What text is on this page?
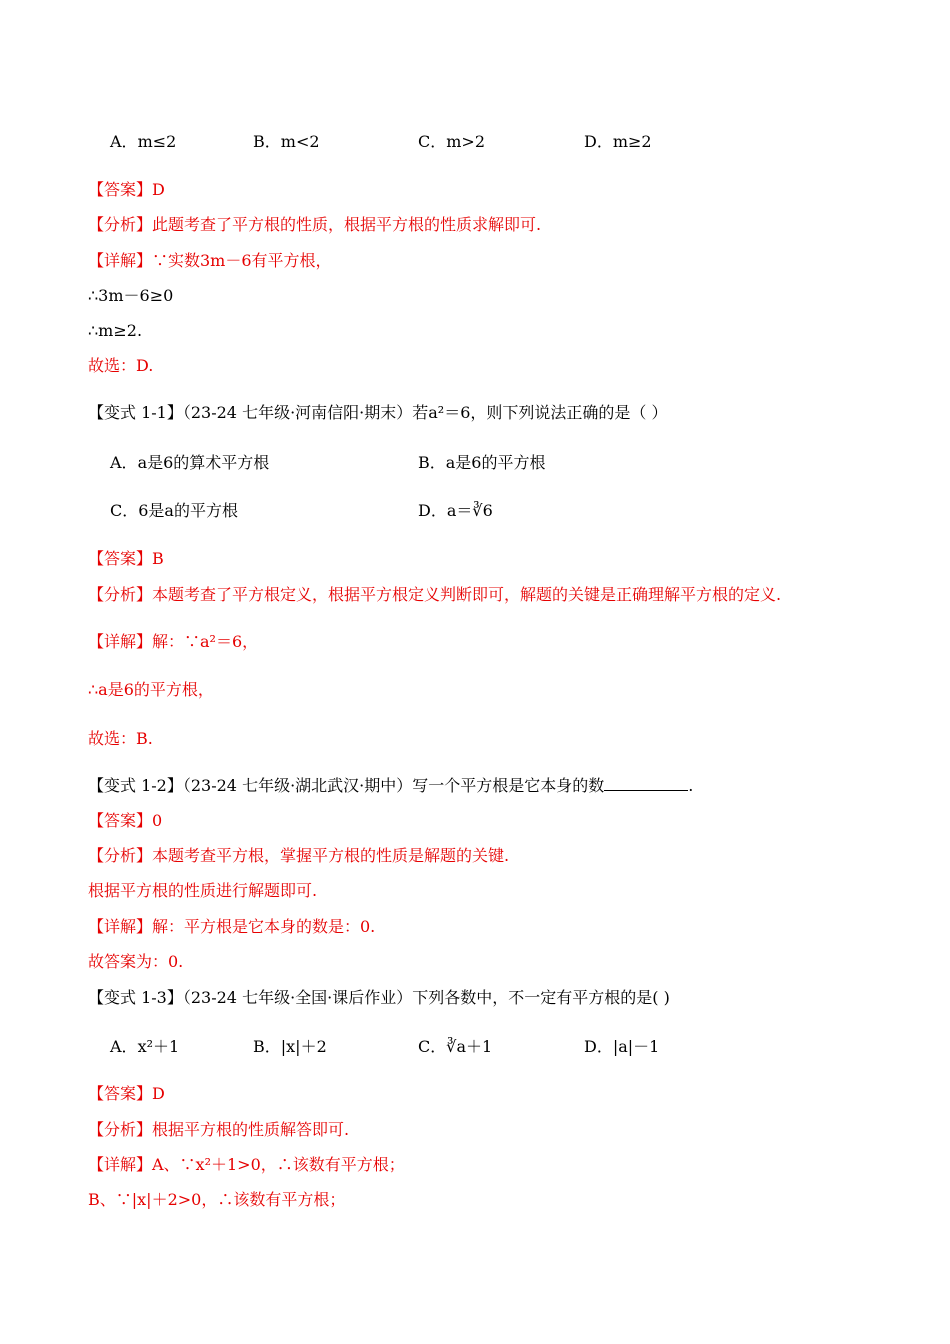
A．m≤2	B．m<2	C．m>2	D．m≥2
【答案】D
【分析】此题考查了平方根的性质，根据平方根的性质求解即可.
【详解】∵实数3m－6有平方根，
∴3m－6≥0
∴m≥2.
故选：D.
【变式 1-1】（23-24 七年级·河南信阳·期末）若a²＝6，则下列说法正确的是（ ）
A．a是6的算术平方根	B．a是6的平方根
C．6是a的平方根	D．a＝∛6
【答案】B
【分析】本题考查了平方根定义，根据平方根定义判断即可，解题的关键是正确理解平方根的定义.
【详解】解：∵a²＝6，
∴a是6的平方根，
故选：B.
【变式 1-2】（23-24 七年级·湖北武汉·期中）写一个平方根是它本身的数	.
【答案】0
【分析】本题考查平方根，掌握平方根的性质是解题的关键.
根据平方根的性质进行解题即可.
【详解】解：平方根是它本身的数是：0.
故答案为：0.
【变式 1-3】（23-24 七年级·全国·课后作业）下列各数中，不一定有平方根的是( )
A．x²＋1	B．|x|＋2	C．∛a＋1	D．|a|－1
【答案】D
【分析】根据平方根的性质解答即可.
【详解】A、∵x²＋1>0，∴该数有平方根；
B、∵|x|＋2>0，∴该数有平方根；
